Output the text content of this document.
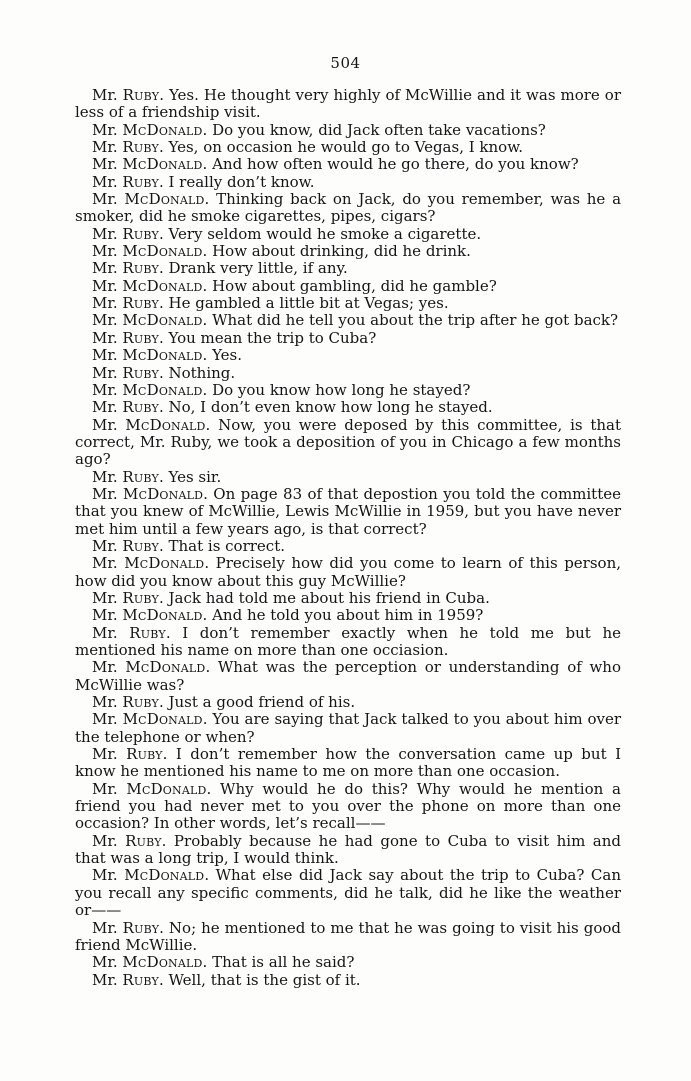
504

Mr. Ruby. Yes. He thought very highly of McWillie and it was more or less of a friendship visit.

Mr. McDonald. Do you know, did Jack often take vacations?

Mr. Ruby. Yes, on occasion he would go to Vegas, I know.

Mr. McDonald. And how often would he go there, do you know?

Mr. Ruby. I really don’t know.

Mr. McDonald. Thinking back on Jack, do you remember, was he a smoker, did he smoke cigarettes, pipes, cigars?

Mr. Ruby. Very seldom would he smoke a cigarette.

Mr. McDonald. How about drinking, did he drink.

Mr. Ruby. Drank very little, if any.

Mr. McDonald. How about gambling, did he gamble?

Mr. Ruby. He gambled a little bit at Vegas; yes.

Mr. McDonald. What did he tell you about the trip after he got back?

Mr. Ruby. You mean the trip to Cuba?

Mr. McDonald. Yes.

Mr. Ruby. Nothing.

Mr. McDonald. Do you know how long he stayed?

Mr. Ruby. No, I don’t even know how long he stayed.

Mr. McDonald. Now, you were deposed by this committee, is that correct, Mr. Ruby, we took a deposition of you in Chicago a few months ago?

Mr. Ruby. Yes sir.

Mr. McDonald. On page 83 of that depostion you told the committee that you knew of McWillie, Lewis McWillie in 1959, but you have never met him until a few years ago, is that correct?

Mr. Ruby. That is correct.

Mr. McDonald. Precisely how did you come to learn of this person, how did you know about this guy McWillie?

Mr. Ruby. Jack had told me about his friend in Cuba.

Mr. McDonald. And he told you about him in 1959?

Mr. Ruby. I don’t remember exactly when he told me but he mentioned his name on more than one occiasion.

Mr. McDonald. What was the perception or understanding of who McWillie was?

Mr. Ruby. Just a good friend of his.

Mr. McDonald. You are saying that Jack talked to you about him over the telephone or when?

Mr. Ruby. I don’t remember how the conversation came up but I know he mentioned his name to me on more than one occasion.

Mr. McDonald. Why would he do this? Why would he mention a friend you had never met to you over the phone on more than one occasion? In other words, let’s recall——

Mr. Ruby. Probably because he had gone to Cuba to visit him and that was a long trip, I would think.

Mr. McDonald. What else did Jack say about the trip to Cuba? Can you recall any specific comments, did he talk, did he like the weather or——

Mr. Ruby. No; he mentioned to me that he was going to visit his good friend McWillie.

Mr. McDonald. That is all he said?

Mr. Ruby. Well, that is the gist of it.
